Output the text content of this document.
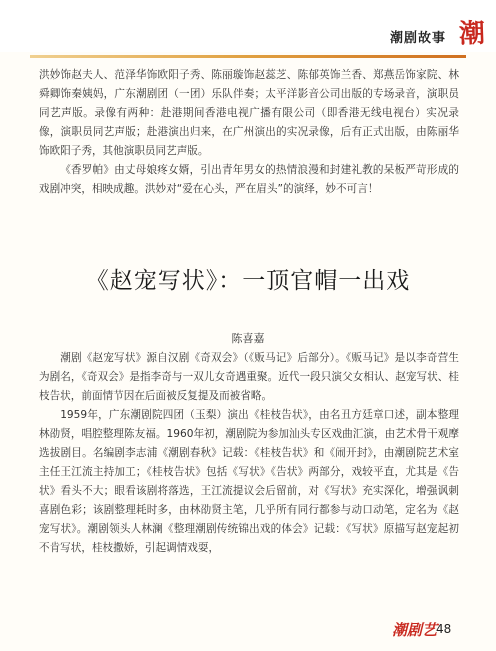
潮剧故事 潮

洪妙饰赵夫人、范泽华饰欧阳子秀、陈丽璇饰赵蕊芝、陈郁英饰兰香、郑燕岳饰家院、林舜卿饰秦姨妈，广东潮剧团（一团）乐队伴奏；太平洋影音公司出版的专场录音，演职员同艺声版。录像有两种：赴港期间香港电视广播有限公司（即香港无线电视台）实况录像，演职员同艺声版；赴港演出归来，在广州演出的实况录像，后有正式出版，由陈丽华饰欧阳子秀，其他演职员同艺声版。

《香罗帕》由丈母娘疼女婿，引出青年男女的热情浪漫和封建礼教的呆板严苛形成的戏剧冲突，相映成趣。洪妙对“爱在心头，严在眉头”的演绎，妙不可言！

《赵宠写状》：一顶官帽一出戏
陈喜嘉

潮剧《赵宠写状》源自汉剧《奇双会》（《贩马记》后部分）。《贩马记》是以李奇营生为剧名，《奇双会》是指李奇与一双儿女奇遇重聚。近代一段只演父女相认、赵宠写状、桂枝告状，前面情节因在后面被反复提及而被省略。

1959年，广东潮剧院四团（玉梨）演出《桂枝告状》，由名丑方廷章口述，副本整理林劭贤，唱腔整理陈友福。1960年初，潮剧院为参加汕头专区戏曲汇演，由艺术骨干观摩选拔剧目。名编剧李志浦《潮剧春秋》记载：《桂枝告状》和《闹开封》，由潮剧院艺术室主任王江流主持加工；《桂枝告状》包括《写状》《告状》两部分，戏较平直，尤其是《告状》看头不大；眼看该剧将落选，王江流提议会后留前，对《写状》充实深化，增强讽刺喜剧色彩；该剧整理耗时多，由林劭贤主笔，几乎所有同行都参与动口动笔，定名为《赵宠写状》。潮剧领头人林澜《整理潮剧传统锦出戏的体会》记载：《写状》原描写赵宠起初不肯写状，桂枝撒娇，引起调情戏耍，

潮剧艺
48
